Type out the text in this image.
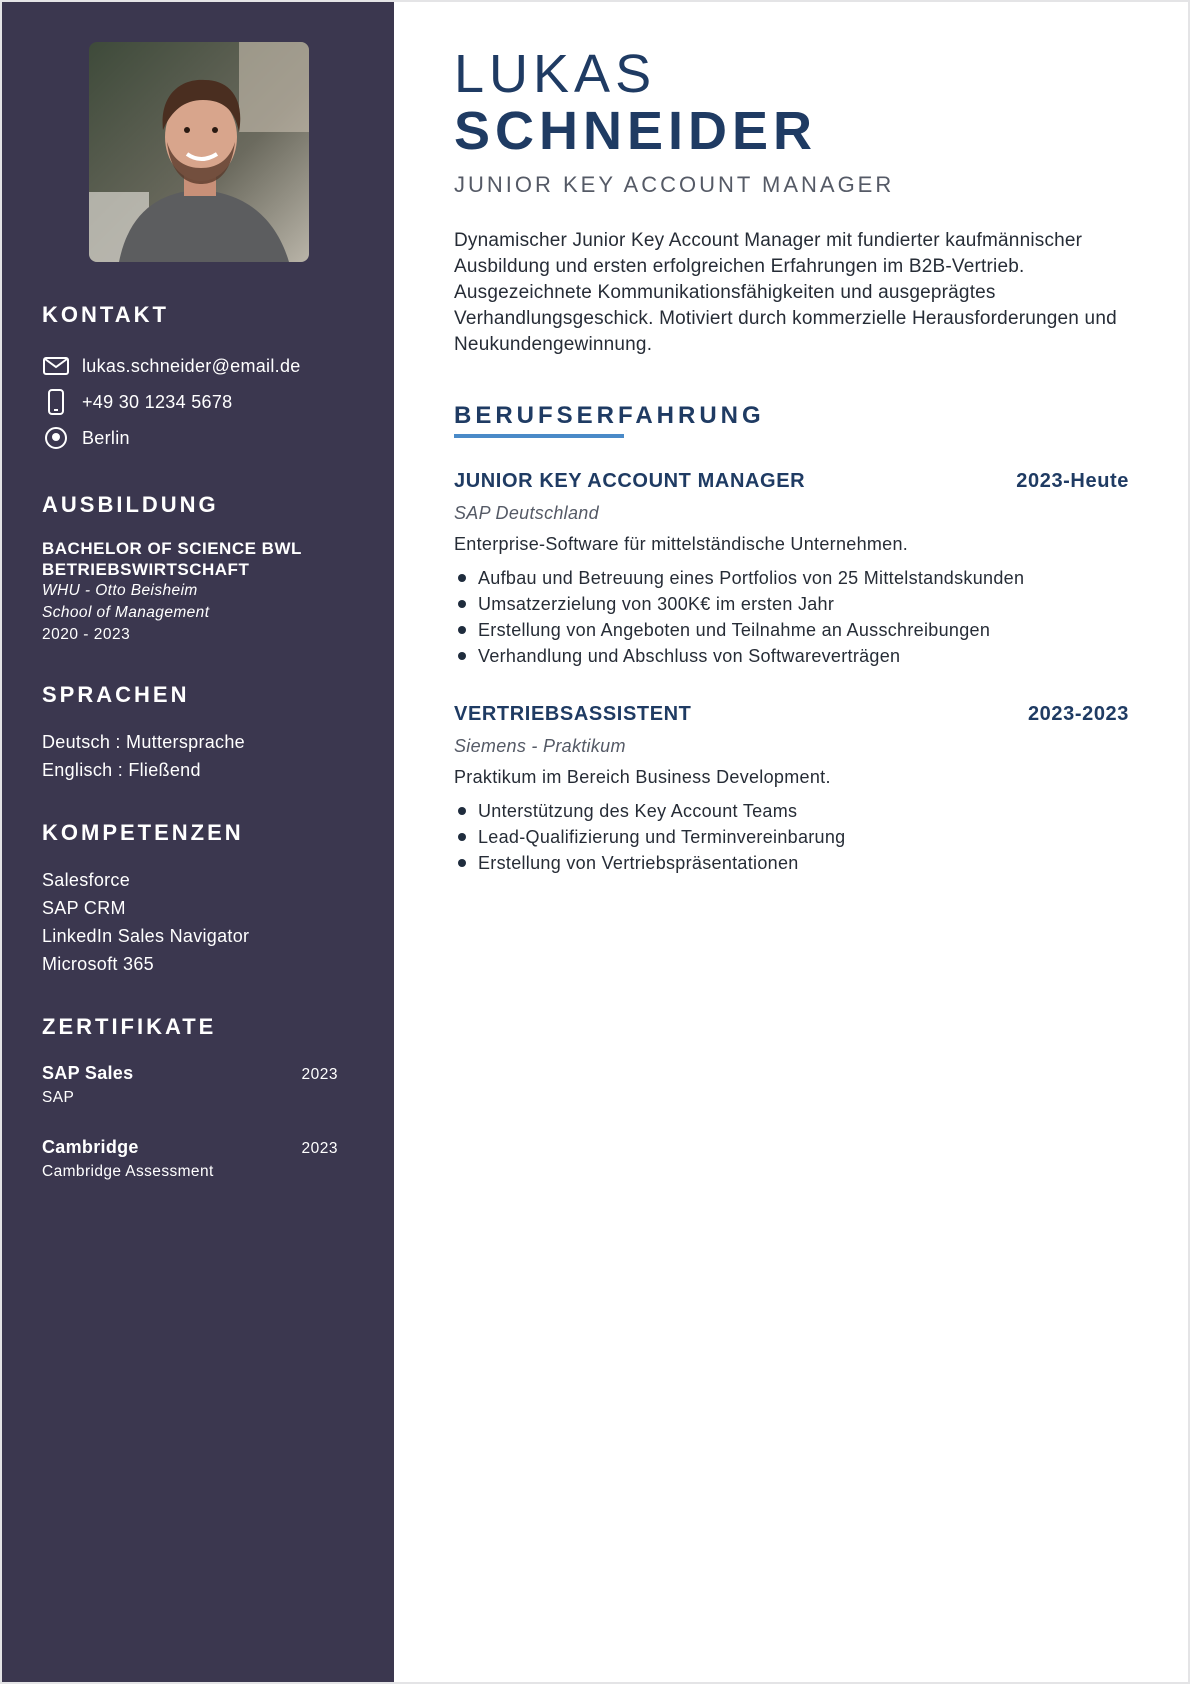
KONTAKT
lukas.schneider@email.de
+49 30 1234 5678
Berlin
AUSBILDUNG
BACHELOR OF SCIENCE BWL
BETRIEBSWIRTSCHAFT
WHU - Otto Beisheim
School of Management
2020 - 2023
SPRACHEN
Deutsch : Muttersprache
Englisch : Fließend
KOMPETENZEN
Salesforce
SAP CRM
LinkedIn Sales Navigator
Microsoft 365
ZERTIFIKATE
SAP Sales	2023
SAP
Cambridge	2023
Cambridge Assessment
LUKAS
SCHNEIDER
JUNIOR KEY ACCOUNT MANAGER
Dynamischer Junior Key Account Manager mit fundierter kaufmännischer Ausbildung und ersten erfolgreichen Erfahrungen im B2B-Vertrieb. Ausgezeichnete Kommunikationsfähigkeiten und ausgeprägtes Verhandlungsgeschick. Motiviert durch kommerzielle Herausforderungen und Neukundengewinnung.
BERUFSERFAHRUNG
JUNIOR KEY ACCOUNT MANAGER	2023-Heute
SAP Deutschland
Enterprise-Software für mittelständische Unternehmen.
Aufbau und Betreuung eines Portfolios von 25 Mittelstandskunden
Umsatzerzielung von 300K€ im ersten Jahr
Erstellung von Angeboten und Teilnahme an Ausschreibungen
Verhandlung und Abschluss von Softwareverträgen
VERTRIEBSASSISTENT	2023-2023
Siemens - Praktikum
Praktikum im Bereich Business Development.
Unterstützung des Key Account Teams
Lead-Qualifizierung und Terminvereinbarung
Erstellung von Vertriebspräsentationen
